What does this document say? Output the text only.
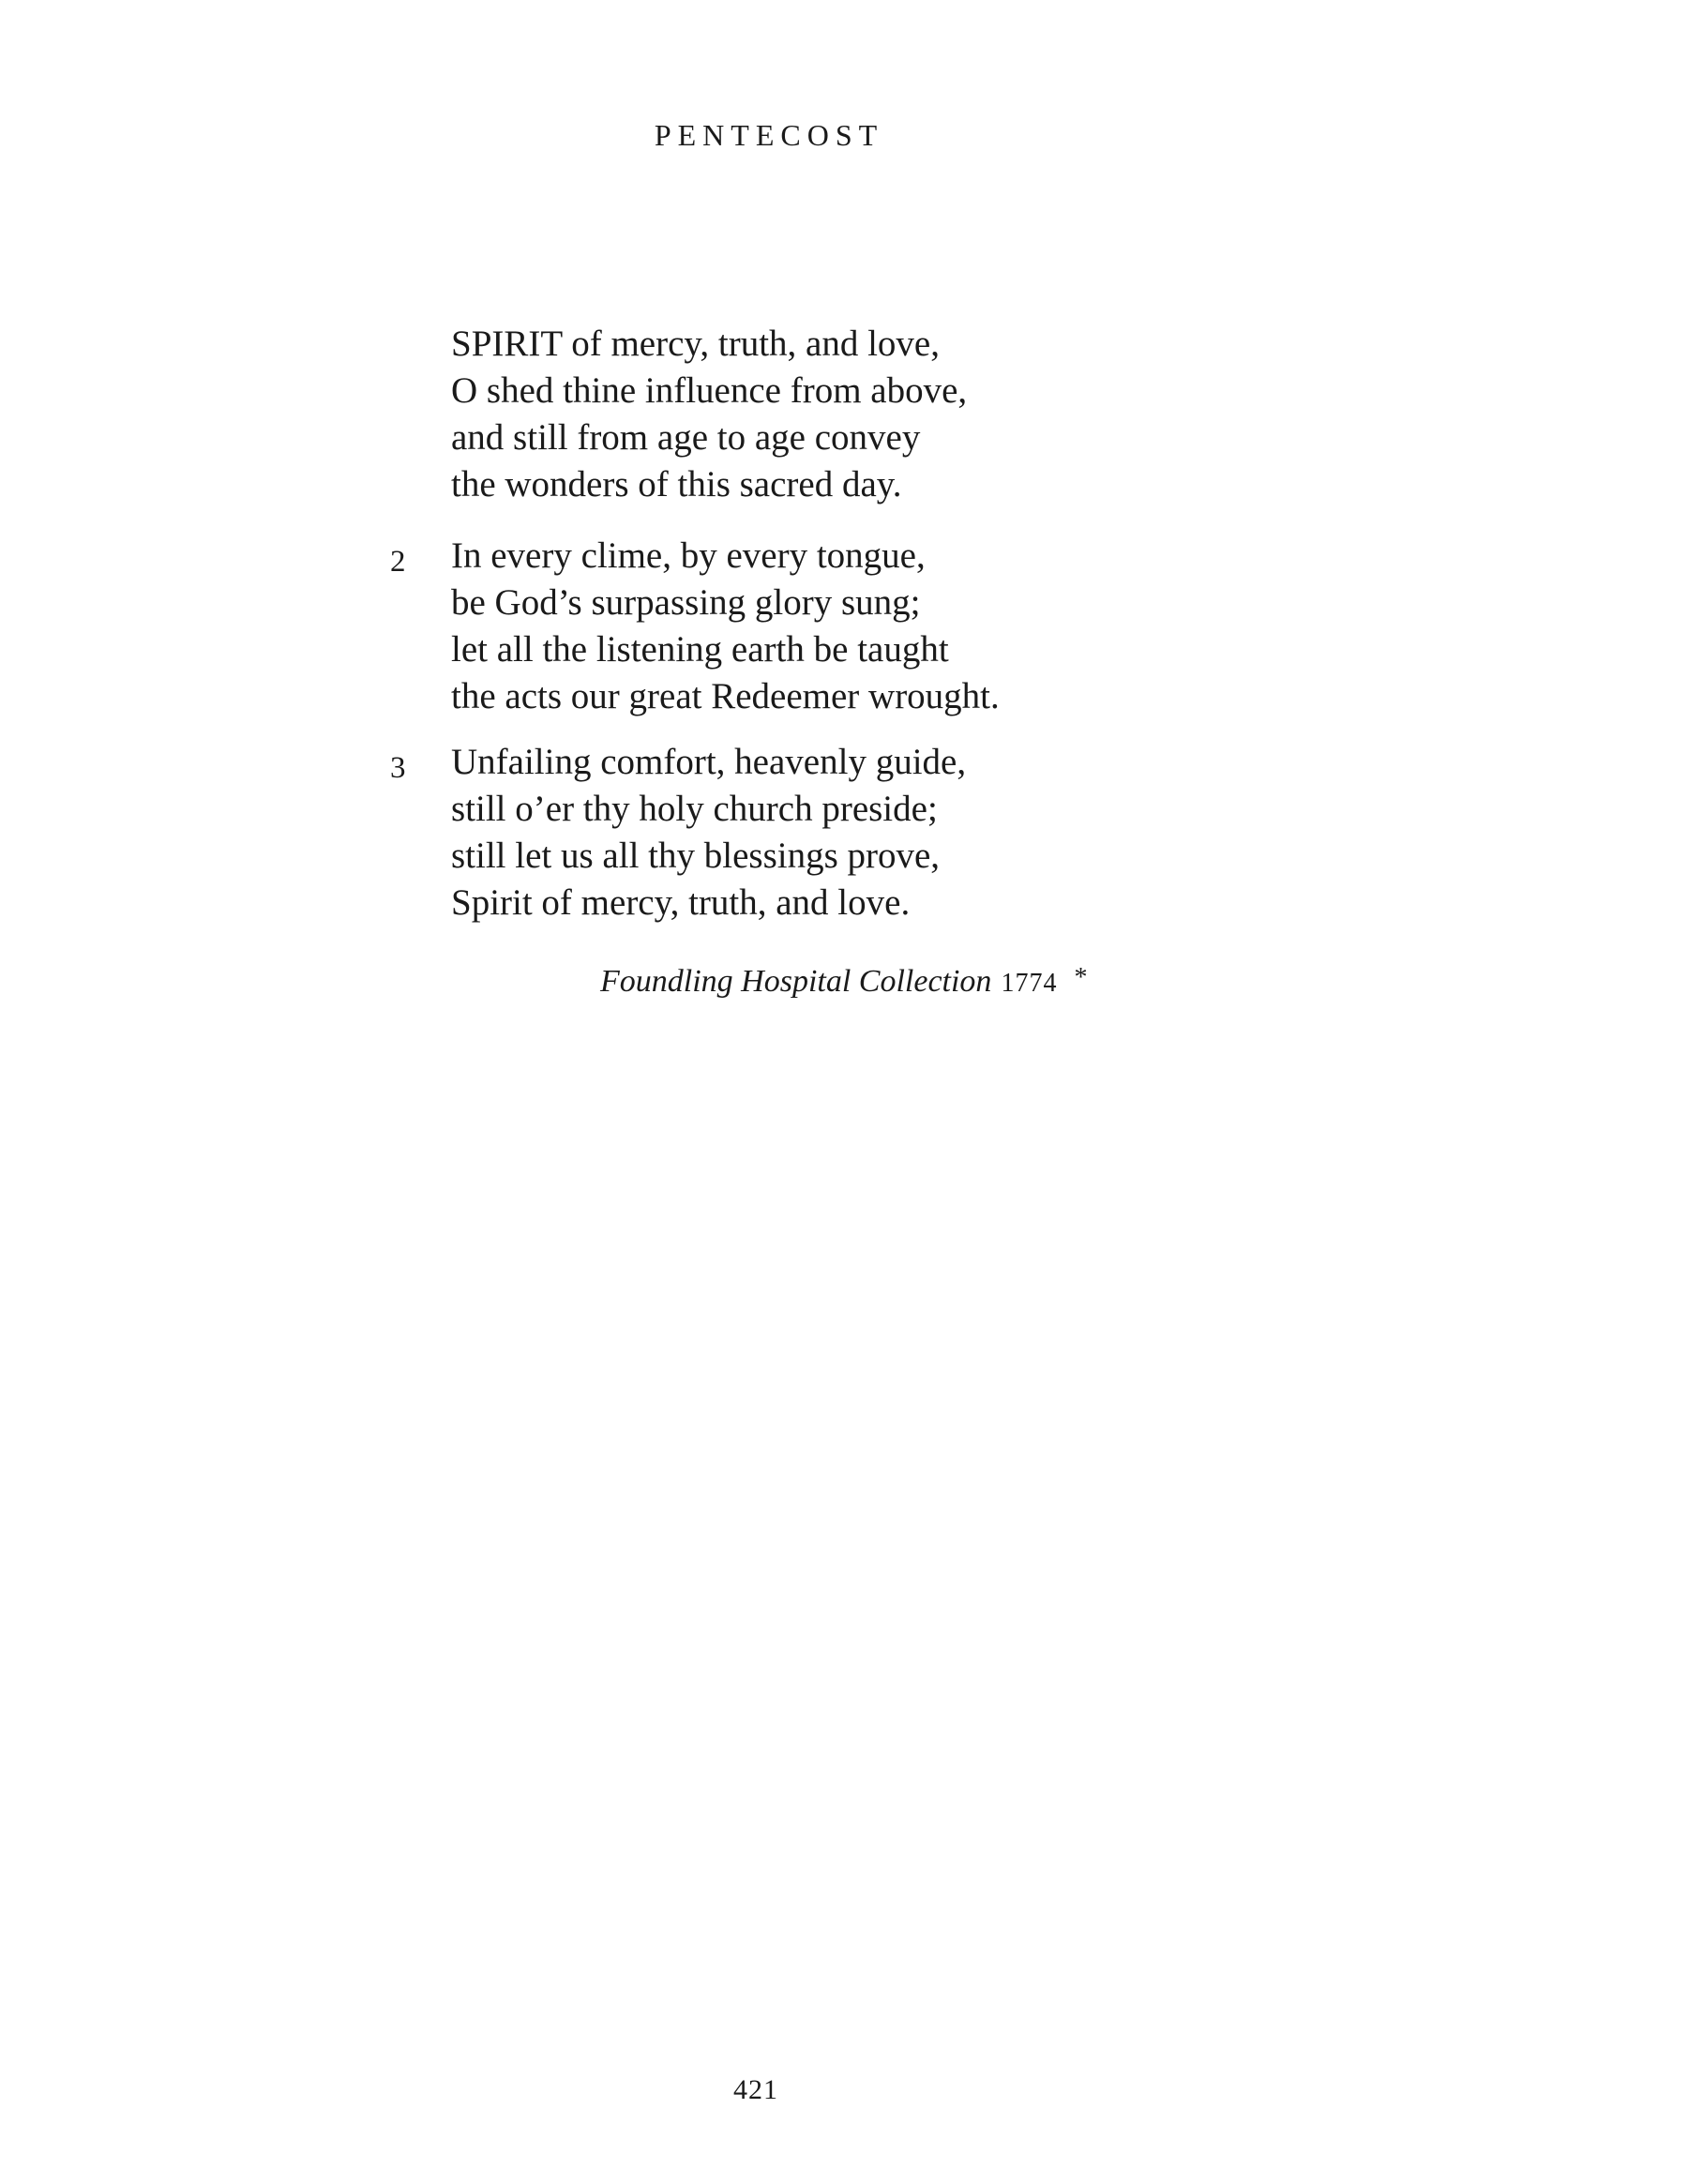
PENTECOST
SPIRIT of mercy, truth, and love,
O shed thine influence from above,
and still from age to age convey
the wonders of this sacred day.
2 In every clime, by every tongue,
be God’s surpassing glory sung;
let all the listening earth be taught
the acts our great Redeemer wrought.
3 Unfailing comfort, heavenly guide,
still o’er thy holy church preside;
still let us all thy blessings prove,
Spirit of mercy, truth, and love.
Foundling Hospital Collection 1774 *
421
